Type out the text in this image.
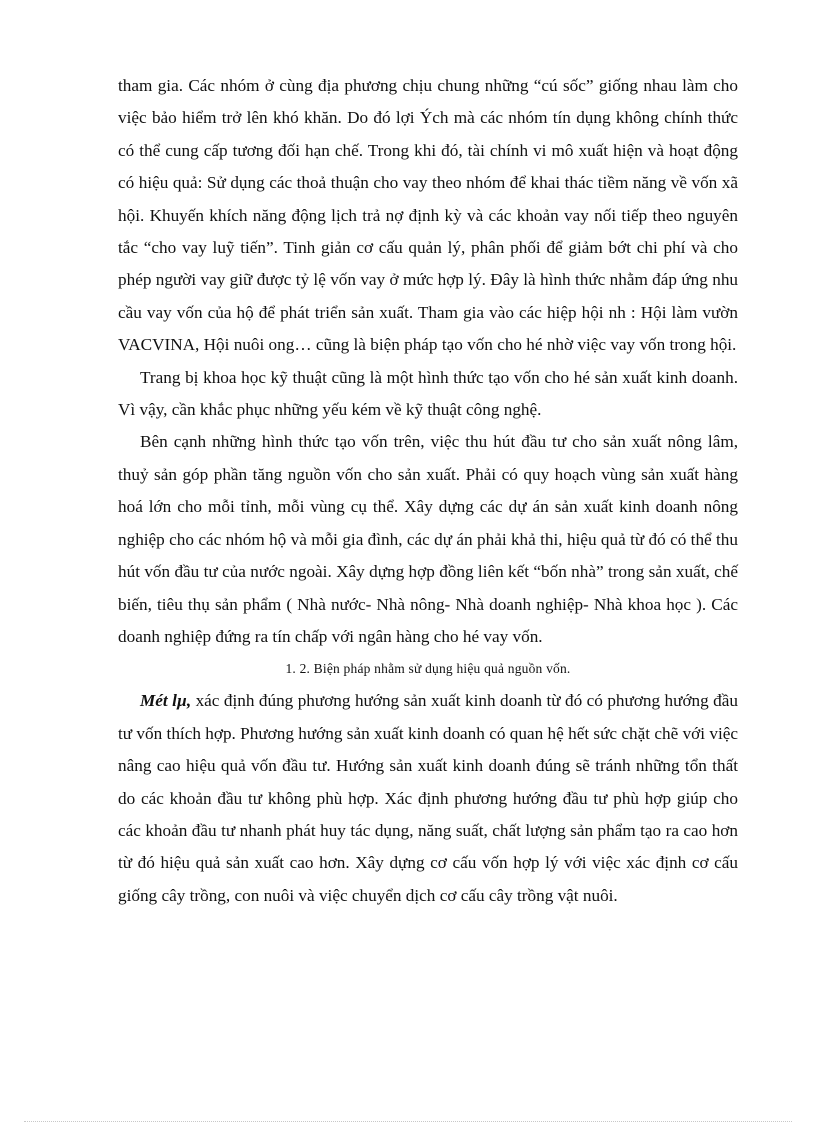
tham gia. Các nhóm ở cùng địa phương chịu chung những “cú sốc” giống nhau làm cho việc bảo hiểm trở lên khó khăn. Do đó lợi Ých mà các nhóm tín dụng không chính thức có thể cung cấp tương đối hạn chế. Trong khi đó, tài chính vi mô xuất hiện và hoạt động có hiệu quả: Sử dụng các thoả thuận cho vay theo nhóm để khai thác tiềm năng về vốn xã hội. Khuyến khích năng động lịch trả nợ định kỳ và các khoản vay nối tiếp theo nguyên tắc “cho vay luỹ tiến”. Tinh giản cơ cấu quản lý, phân phối để giảm bớt chi phí và cho phép người vay giữ được tỷ lệ vốn vay ở mức hợp lý. Đây là hình thức nhằm đáp ứng nhu cầu vay vốn của hộ để phát triển sản xuất. Tham gia vào các hiệp hội nh : Hội làm vườn VACVINA, Hội nuôi ong… cũng là biện pháp tạo vốn cho hé nhờ việc vay vốn trong hội.

Trang bị khoa học kỹ thuật cũng là một hình thức tạo vốn cho hé sản xuất kinh doanh. Vì vậy, cần khắc phục những yếu kém về kỹ thuật công nghệ.

Bên cạnh những hình thức tạo vốn trên, việc thu hút đầu tư cho sản xuất nông lâm, thuỷ sản góp phần tăng nguồn vốn cho sản xuất. Phải có quy hoạch vùng sản xuất hàng hoá lớn cho mỗi tỉnh, mỗi vùng cụ thể. Xây dựng các dự án sản xuất kinh doanh nông nghiệp cho các nhóm hộ và mỗi gia đình, các dự án phải khả thi, hiệu quả từ đó có thể thu hút vốn đầu tư của nước ngoài. Xây dựng hợp đồng liên kết “bốn nhà” trong sản xuất, chế biến, tiêu thụ sản phẩm ( Nhà nước- Nhà nông- Nhà doanh nghiệp- Nhà khoa học ). Các doanh nghiệp đứng ra tín chấp với ngân hàng cho hé vay vốn.

1. 2. Biện pháp nhằm sử dụng hiệu quả nguồn vốn.

Mét lµ, xác định đúng phương hướng sản xuất kinh doanh từ đó có phương hướng đầu tư vốn thích hợp. Phương hướng sản xuất kinh doanh có quan hệ hết sức chặt chẽ với việc nâng cao hiệu quả vốn đầu tư. Hướng sản xuất kinh doanh đúng sẽ tránh những tổn thất do các khoản đầu tư không phù hợp. Xác định phương hướng đầu tư phù hợp giúp cho các khoản đầu tư nhanh phát huy tác dụng, năng suất, chất lượng sản phẩm tạo ra cao hơn từ đó hiệu quả sản xuất cao hơn. Xây dựng cơ cấu vốn hợp lý với việc xác định cơ cấu giống cây trồng, con nuôi và việc chuyển dịch cơ cấu cây trồng vật nuôi.
